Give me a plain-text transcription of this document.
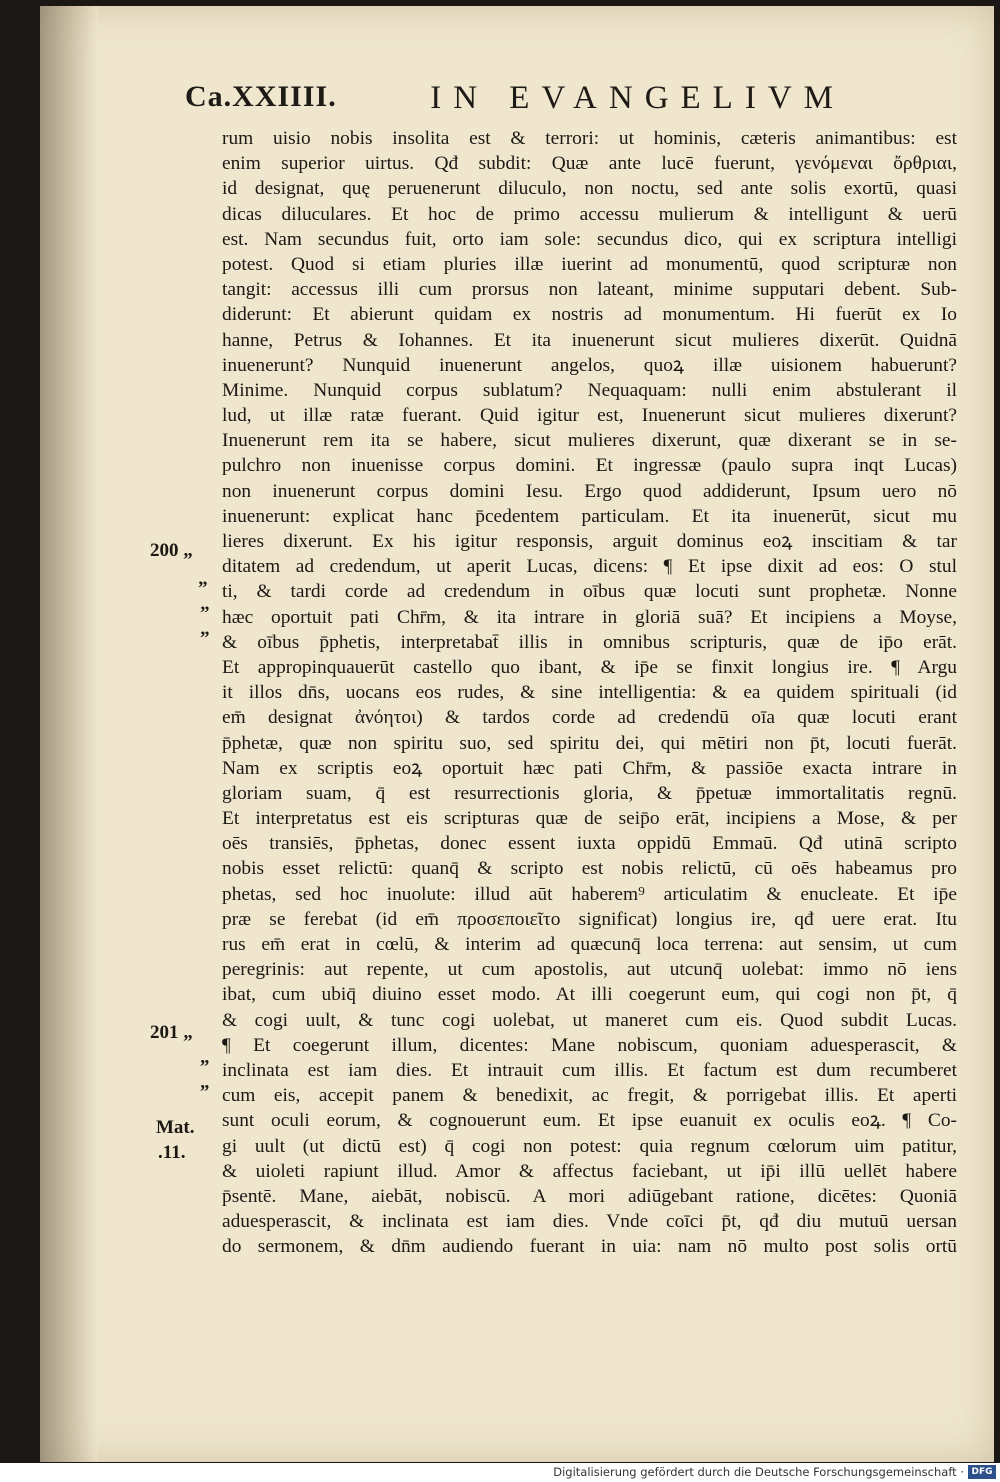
Ca.XXIIII.	IN EVANGELIVM
200 „
”
”
”
201 „
„
„
Mat.
.11.
rum uisio nobis insolita est & terrori: ut hominis, cæteris animantibus: est
enim superior uirtus. Qđ subdit: Quæ ante lucē fuerunt, γενόμεναι ὄρθριαι,
id designat, quę peruenerunt diluculo, non noctu, sed ante solis exortū, quasi
dicas diluculares. Et hoc de primo accessu mulierum & intelligunt & uerū
est. Nam secundus fuit, orto iam sole: secundus dico, qui ex scriptura intelligi
potest. Quod si etiam pluries illæ iuerint ad monumentū, quod scripturæ non
tangit: accessus illi cum prorsus non lateant, minime supputari debent. Sub-
diderunt: Et abierunt quidam ex nostris ad monumentum. Hi fuerūt ex Io
hanne, Petrus & Iohannes. Et ita inuenerunt sicut mulieres dixerūt. Quidnā
inuenerunt? Nunquid inuenerunt angelos, quoꝝ illæ uisionem habuerunt?
Minime. Nunquid corpus sublatum? Nequaquam: nulli enim abstulerant il
lud, ut illæ ratæ fuerant. Quid igitur est, Inuenerunt sicut mulieres dixerunt?
Inuenerunt rem ita se habere, sicut mulieres dixerunt, quæ dixerant se in se-
pulchro non inuenisse corpus domini. Et ingressæ (paulo supra inqt Lucas)
non inuenerunt corpus domini Iesu. Ergo quod addiderunt, Ipsum uero nō
inuenerunt: explicat hanc p̄cedentem particulam. Et ita inuenerūt, sicut mu
lieres dixerunt. Ex his igitur responsis, arguit dominus eoꝝ inscitiam & tar
ditatem ad credendum, ut aperit Lucas, dicens: ¶ Et ipse dixit ad eos: O stul
ti, & tardi corde ad credendum in oībus quæ locuti sunt prophetæ. Nonne
hæc oportuit pati Chr̄m, & ita intrare in gloriā suā? Et incipiens a Moyse,
& oībus p̄phetis, interpretabat̄ illis in omnibus scripturis, quæ de ip̄o erāt.
Et appropinquauerūt castello quo ibant, & ip̄e se finxit longius ire. ¶ Argu
it illos dn̄s, uocans eos rudes, & sine intelligentia: & ea quidem spirituali (id
em̄ designat ἀνόητοι) & tardos corde ad credendū oīa quæ locuti erant
p̄phetæ, quæ non spiritu suo, sed spiritu dei, qui mētiri non p̄t, locuti fuerāt.
Nam ex scriptis eoꝝ oportuit hæc pati Chr̄m, & passiōe exacta intrare in
gloriam suam, q̄ est resurrectionis gloria, & p̄petuæ immortalitatis regnū.
Et interpretatus est eis scripturas quæ de seip̄o erāt, incipiens a Mose, & per
oēs transiēs, p̄phetas, donec essent iuxta oppidū Emmaū. Qđ utinā scripto
nobis esset relictū: quanq̄ & scripto est nobis relictū, cū oēs habeamus pro
phetas, sed hoc inuolute: illud aūt haberem⁹ articulatim & enucleate. Et ip̄e
præ se ferebat (id em̄ προσεποιεῖτο significat) longius ire, qđ uere erat. Itu
rus em̄ erat in cœlū, & interim ad quæcunq̄ loca terrena: aut sensim, ut cum
peregrinis: aut repente, ut cum apostolis, aut utcunq̄ uolebat: immo nō iens
ibat, cum ubiq̄ diuino esset modo. At illi coegerunt eum, qui cogi non p̄t, q̄
& cogi uult, & tunc cogi uolebat, ut maneret cum eis. Quod subdit Lucas.
¶ Et coegerunt illum, dicentes: Mane nobiscum, quoniam aduesperascit, &
inclinata est iam dies. Et intrauit cum illis. Et factum est dum recumberet
cum eis, accepit panem & benedixit, ac fregit, & porrigebat illis. Et aperti
sunt oculi eorum, & cognouerunt eum. Et ipse euanuit ex oculis eoꝝ. ¶ Co-
gi uult (ut dictū est) q̄ cogi non potest: quia regnum cœlorum uim patitur,
& uioleti rapiunt illud. Amor & affectus faciebant, ut ip̄i illū uellēt habere
p̄sentē. Mane, aiebāt, nobiscū. A mori adiūgebant ratione, dicētes: Quoniā
aduesperascit, & inclinata est iam dies. Vnde coīci p̄t, qđ diu mutuū uersan
do sermonem, & dn̄m audiendo fuerant in uia: nam nō multo post solis ortū
Digitalisierung gefördert durch die Deutsche Forschungsgemeinschaft · DFG
